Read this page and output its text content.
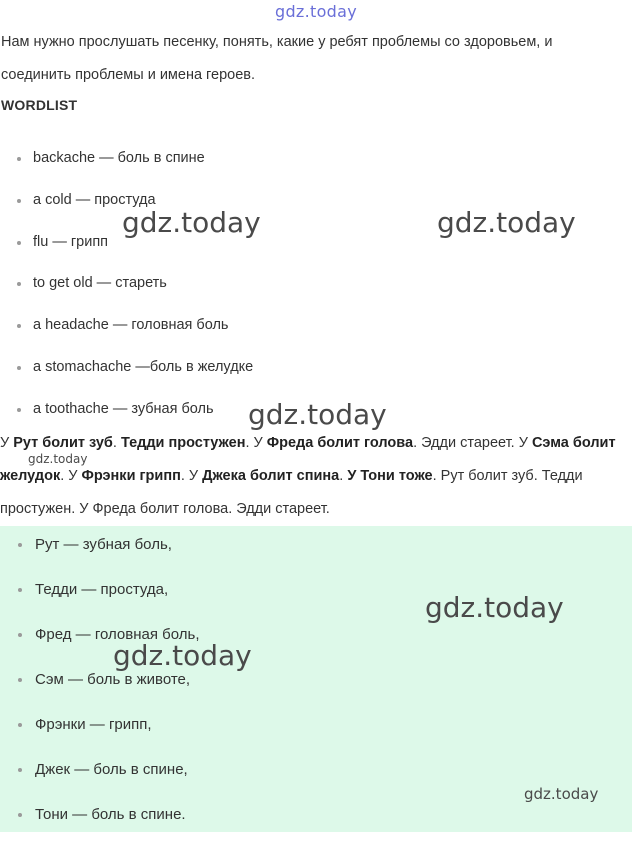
gdz.today

Нам нужно прослушать песенку, понять, какие у ребят проблемы со здоровьем, и соединить проблемы и имена героев.

WORDLIST
backache — боль в спине
a cold — простуда
flu — грипп
to get old — стареть
a headache — головная боль
a stomachache —боль в желудке
a toothache — зубная боль

У Рут болит зуб. Тедди простужен. У Фреда болит голова. Эдди стареет. У Сэма болит желудок. У Фрэнки грипп. У Джека болит спина. У Тони тоже. Рут болит зуб. Тедди простужен. У Фреда болит голова. Эдди стареет.

Рут — зубная боль,
Тедди — простуда,
Фред — головная боль,
Сэм — боль в животе,
Фрэнки — грипп,
Джек — боль в спине,
Тони — боль в спине.
gdz.today	gdz.today
gdz.today
gdz.today
gdz.today
gdz.today
gdz.today
